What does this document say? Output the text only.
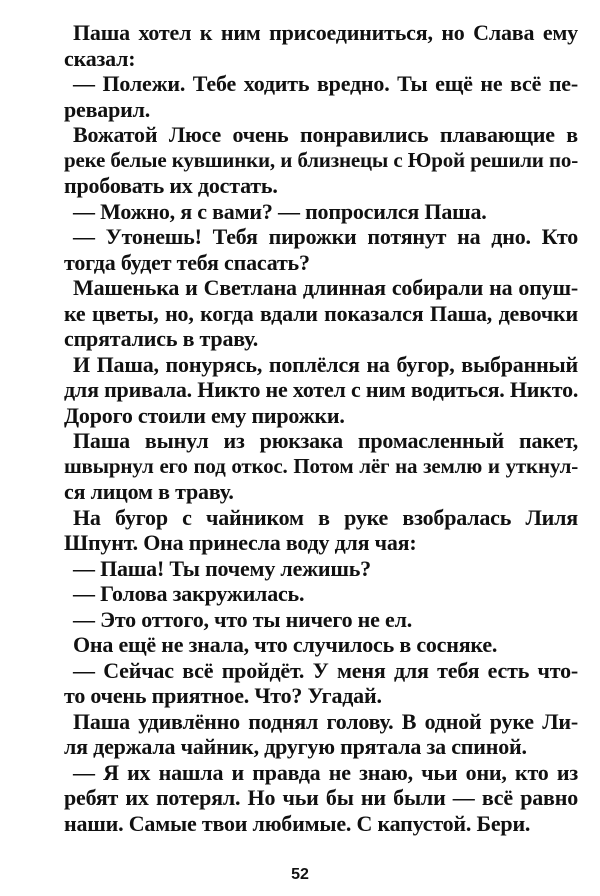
Паша хотел к ним присоединиться, но Слава ему
сказал:
— Полежи. Тебе ходить вредно. Ты ещё не всё пе-
реварил.
Вожатой Люсе очень понравились плавающие в
реке белые кувшинки, и близнецы с Юрой решили по-
пробовать их достать.
— Можно, я с вами? — попросился Паша.
— Утонешь! Тебя пирожки потянут на дно. Кто
тогда будет тебя спасать?
Машенька и Светлана длинная собирали на опуш-
ке цветы, но, когда вдали показался Паша, девочки
спрятались в траву.
И Паша, понурясь, поплёлся на бугор, выбранный
для привала. Никто не хотел с ним водиться. Никто.
Дорого стоили ему пирожки.
Паша вынул из рюкзака промасленный пакет,
швырнул его под откос. Потом лёг на землю и уткнул-
ся лицом в траву.
На бугор с чайником в руке взобралась Лиля
Шпунт. Она принесла воду для чая:
— Паша! Ты почему лежишь?
— Голова закружилась.
— Это оттого, что ты ничего не ел.
Она ещё не знала, что случилось в сосняке.
— Сейчас всё пройдёт. У меня для тебя есть что-
то очень приятное. Что? Угадай.
Паша удивлённо поднял голову. В одной руке Ли-
ля держала чайник, другую прятала за спиной.
— Я их нашла и правда не знаю, чьи они, кто из
ребят их потерял. Но чьи бы ни были — всё равно
наши. Самые твои любимые. С капустой. Бери.
52
